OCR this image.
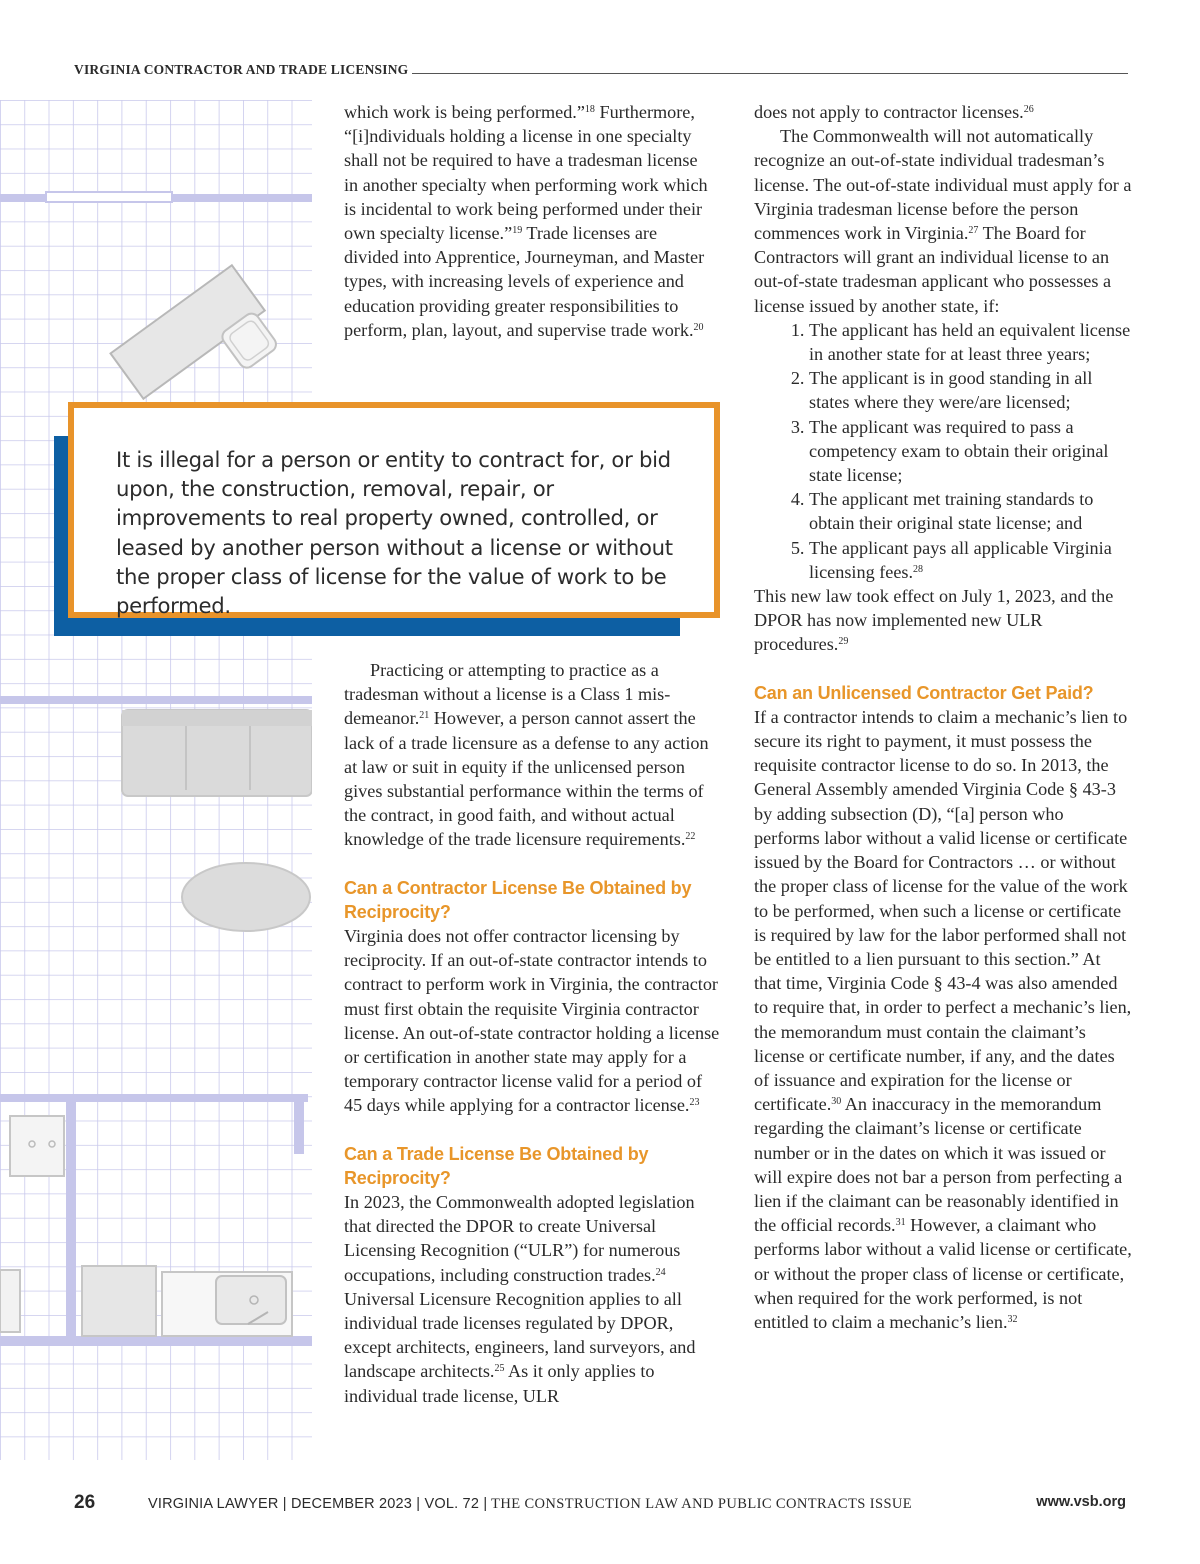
VIRGINIA CONTRACTOR AND TRADE LICENSING

which work is being performed.”$^{18}$ Furthermore, “[i]ndividuals holding a license in one specialty shall not be required to have a tradesman license in another specialty when performing work which is incidental to work being performed under their own specialty license.”$^{19}$ Trade licenses are divided into Apprentice, Journeyman, and Master types, with increasing levels of experience and education providing greater responsibilities to perform, plan, layout, and supervise trade work.$^{20}$

It is illegal for a person or entity to contract for, or bid upon, the construction, removal, repair, or improvements to real property owned, controlled, or leased by another person without a license or without the proper class of license for the value of work to be performed.

Practicing or attempting to practice as a tradesman without a license is a Class 1 misdemeanor.$^{21}$ However, a person cannot assert the lack of a trade licensure as a defense to any action at law or suit in equity if the unlicensed person gives substantial performance within the terms of the contract, in good faith, and without actual knowledge of the trade licensure requirements.$^{22}$

Can a Contractor License Be Obtained by Reciprocity?

Virginia does not offer contractor licensing by reciprocity. If an out-of-state contractor intends to contract to perform work in Virginia, the contractor must first obtain the requisite Virginia contractor license. An out-of-state contractor holding a license or certification in another state may apply for a temporary contractor license valid for a period of 45 days while applying for a contractor license.$^{23}$

Can a Trade License Be Obtained by Reciprocity?

In 2023, the Commonwealth adopted legislation that directed the DPOR to create Universal Licensing Recognition (“ULR”) for numerous occupations, including construction trades.$^{24}$ Universal Licensure Recognition applies to all individual trade licenses regulated by DPOR, except architects, engineers, land surveyors, and landscape architects.$^{25}$ As it only applies to individual trade license, ULR

does not apply to contractor licenses.$^{26}$

The Commonwealth will not automatically recognize an out-of-state individual tradesman’s license. The out-of-state individual must apply for a Virginia tradesman license before the person commences work in Virginia.$^{27}$ The Board for Contractors will grant an individual license to an out-of-state tradesman applicant who possesses a license issued by another state, if:

1. The applicant has held an equivalent license in another state for at least three years;
2. The applicant is in good standing in all states where they were/are licensed;
3. The applicant was required to pass a competency exam to obtain their original state license;
4. The applicant met training standards to obtain their original state license; and
5. The applicant pays all applicable Virginia licensing fees.$^{28}$

This new law took effect on July 1, 2023, and the DPOR has now implemented new ULR procedures.$^{29}$

Can an Unlicensed Contractor Get Paid?

If a contractor intends to claim a mechanic’s lien to secure its right to payment, it must possess the requisite contractor license to do so. In 2013, the General Assembly amended Virginia Code § 43-3 by adding subsection (D), “[a] person who performs labor without a valid license or certificate issued by the Board for Contractors … or without the proper class of license for the value of the work to be performed, when such a license or certificate is required by law for the labor performed shall not be entitled to a lien pursuant to this section.” At that time, Virginia Code § 43-4 was also amended to require that, in order to perfect a mechanic’s lien, the memorandum must contain the claimant’s license or certificate number, if any, and the dates of issuance and expiration for the license or certificate.$^{30}$ An inaccuracy in the memorandum regarding the claimant’s license or certificate number or in the dates on which it was issued or will expire does not bar a person from perfecting a lien if the claimant can be reasonably identified in the official records.$^{31}$ However, a claimant who performs labor without a valid license or certificate, or without the proper class of license or certificate, when required for the work performed, is not entitled to claim a mechanic’s lien.$^{32}$

26	VIRGINIA LAWYER | DECEMBER 2023 | VOL. 72 | THE CONSTRUCTION LAW AND PUBLIC CONTRACTS ISSUE	www.vsb.org
